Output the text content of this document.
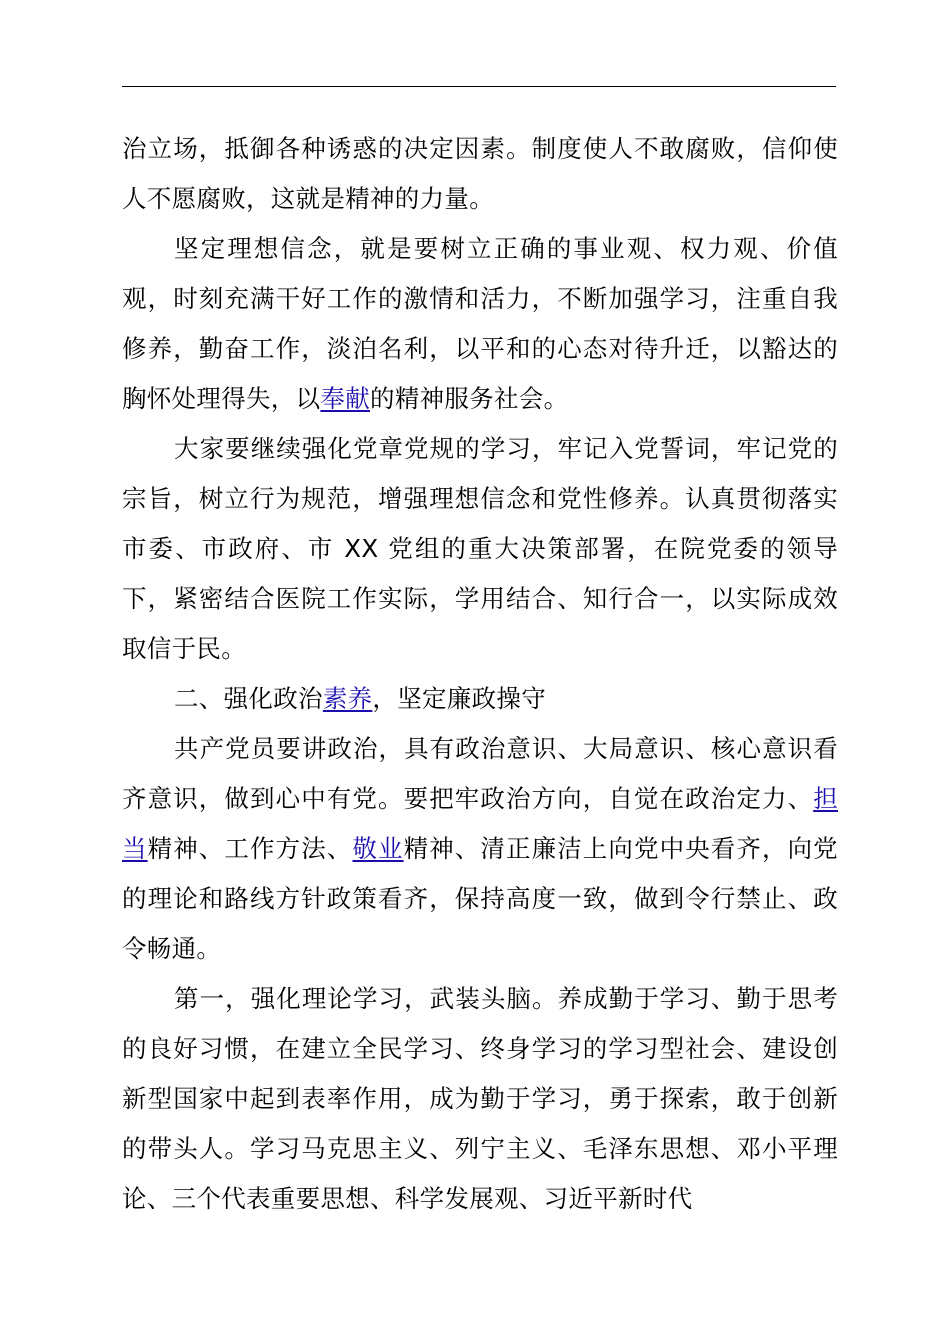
治立场，抵御各种诱惑的决定因素。制度使人不敢腐败，信仰使人不愿腐败，这就是精神的力量。

坚定理想信念，就是要树立正确的事业观、权力观、价值观，时刻充满干好工作的激情和活力，不断加强学习，注重自我修养，勤奋工作，淡泊名利，以平和的心态对待升迁，以豁达的胸怀处理得失，以奉献的精神服务社会。

大家要继续强化党章党规的学习，牢记入党誓词，牢记党的宗旨，树立行为规范，增强理想信念和党性修养。认真贯彻落实市委、市政府、市 XX 党组的重大决策部署，在院党委的领导下，紧密结合医院工作实际，学用结合、知行合一，以实际成效取信于民。

二、强化政治素养，坚定廉政操守

共产党员要讲政治，具有政治意识、大局意识、核心意识看齐意识，做到心中有党。要把牢政治方向，自觉在政治定力、担当精神、工作方法、敬业精神、清正廉洁上向党中央看齐，向党的理论和路线方针政策看齐，保持高度一致，做到令行禁止、政令畅通。

第一，强化理论学习，武装头脑。养成勤于学习、勤于思考的良好习惯，在建立全民学习、终身学习的学习型社会、建设创新型国家中起到表率作用，成为勤于学习，勇于探索，敢于创新的带头人。学习马克思主义、列宁主义、毛泽东思想、邓小平理论、三个代表重要思想、科学发展观、习近平新时代
